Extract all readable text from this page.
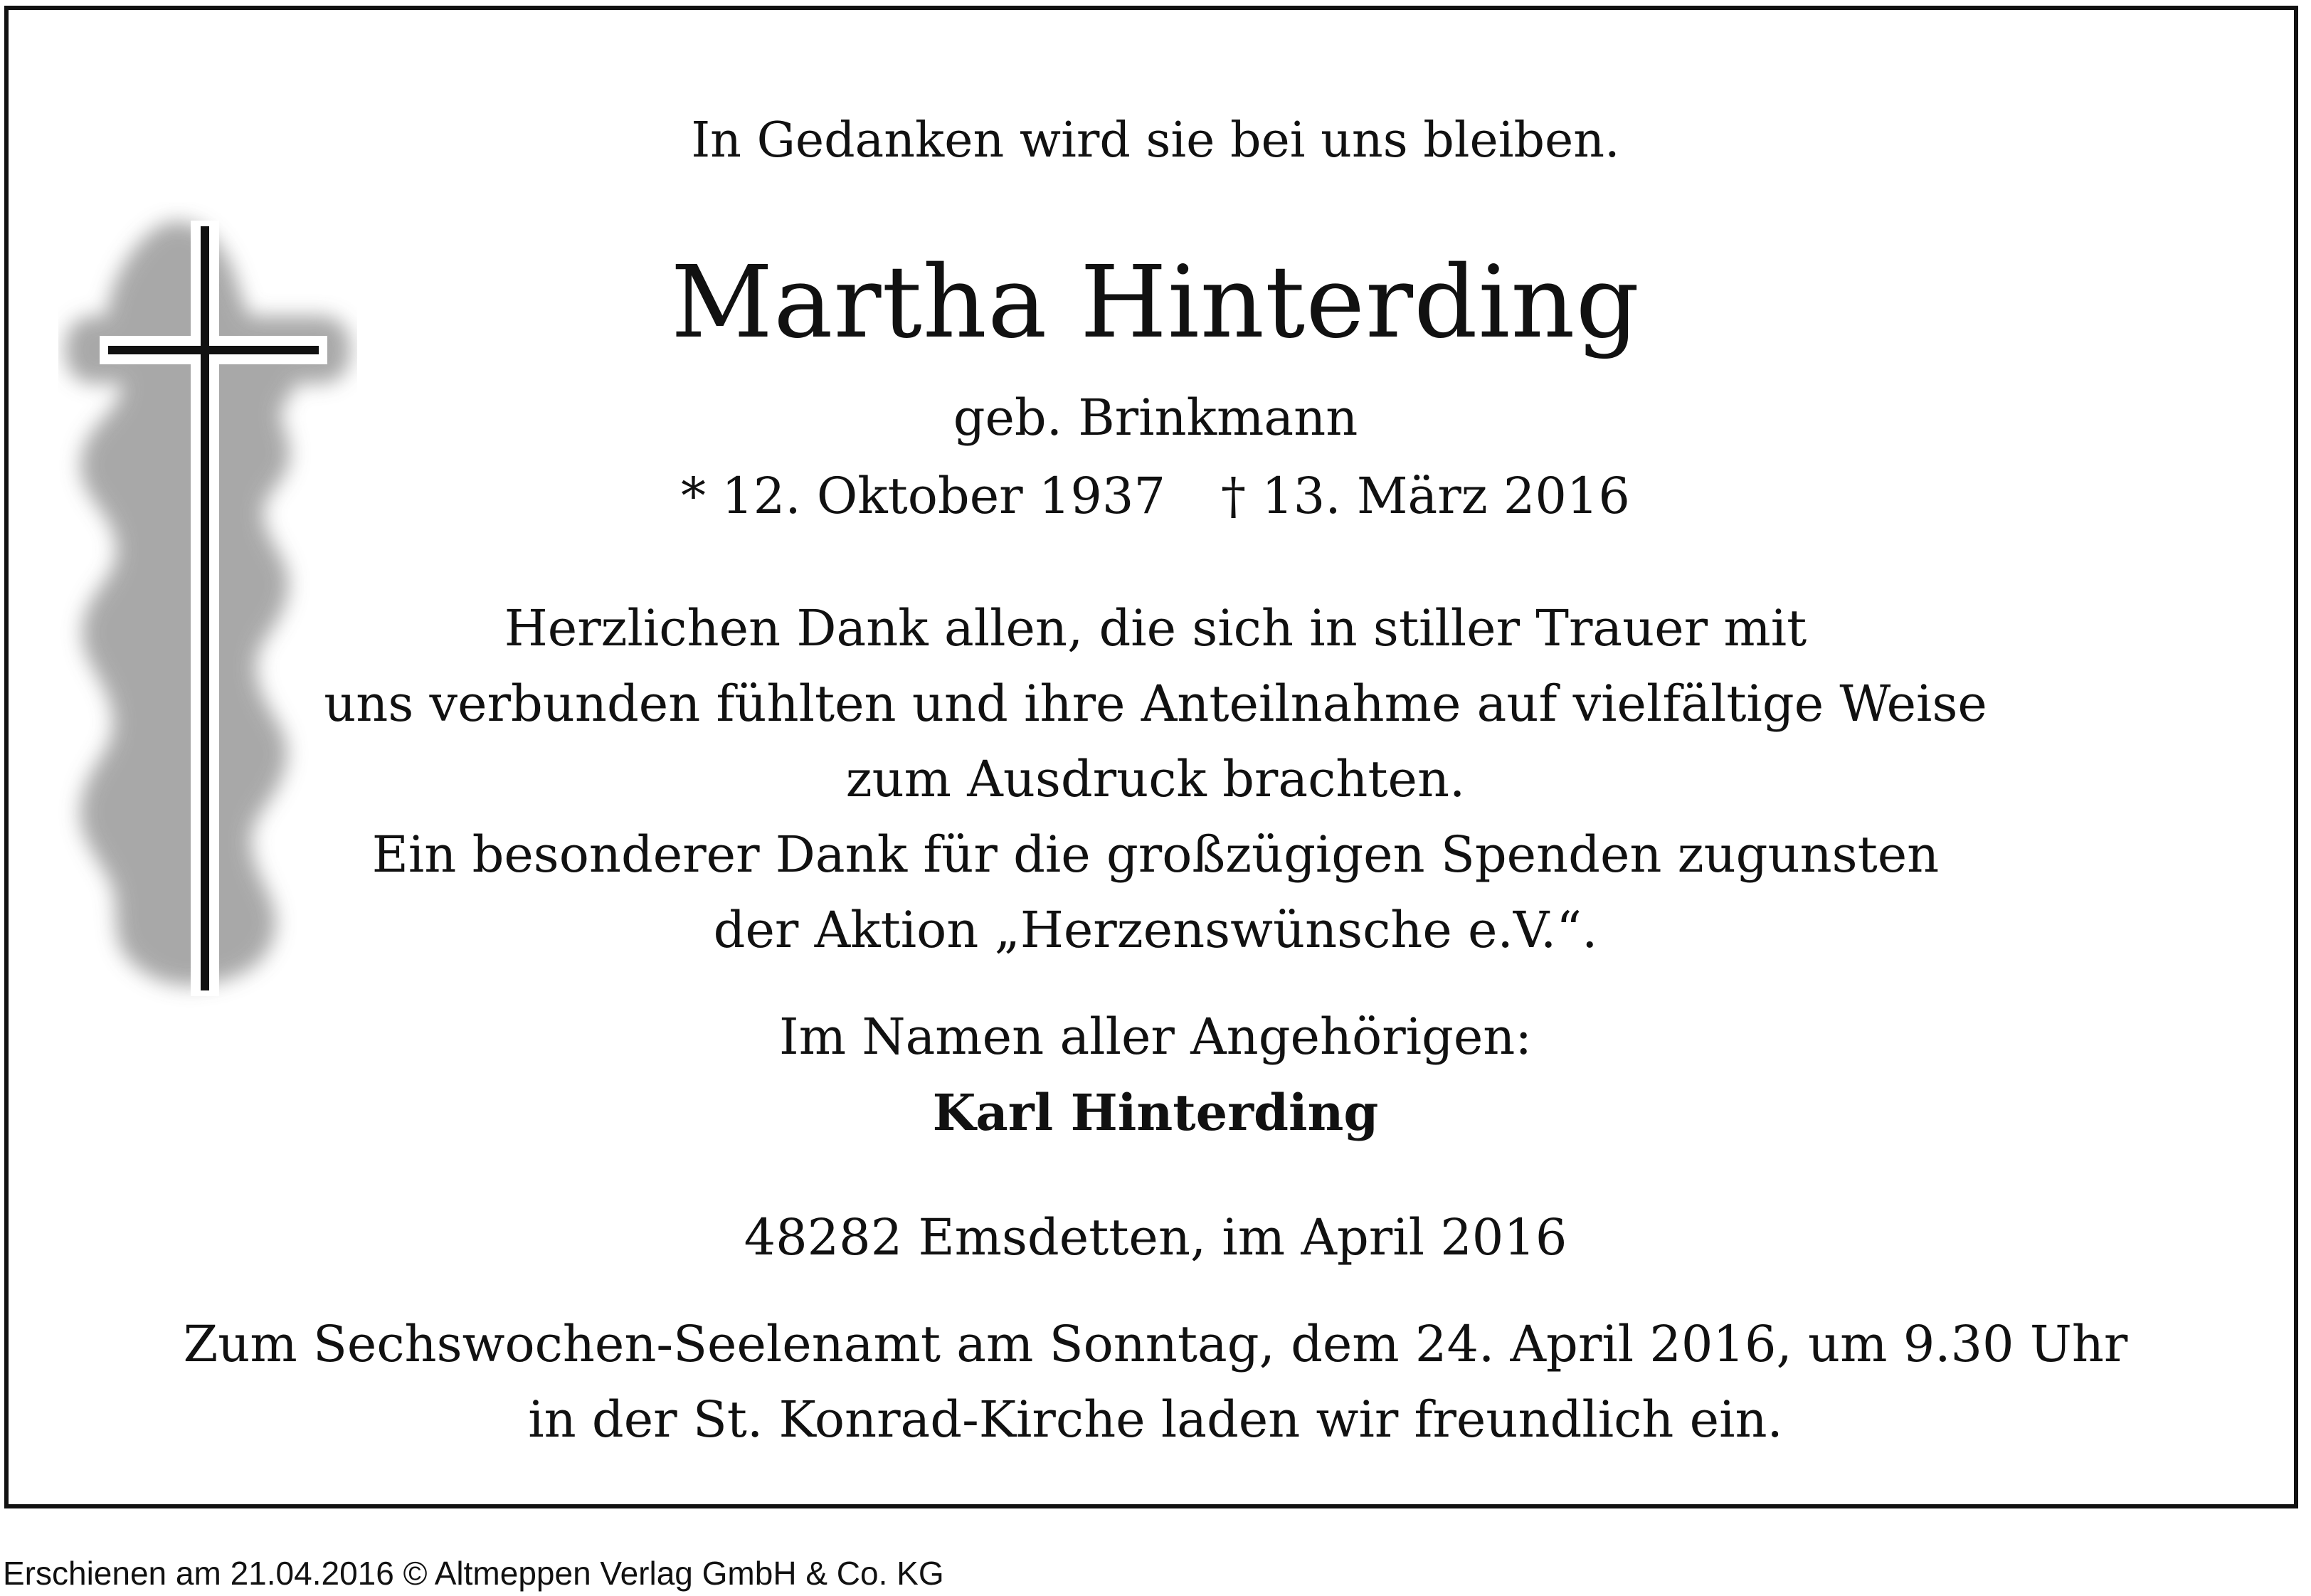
In Gedanken wird sie bei uns bleiben.
Martha Hinterding

geb. Brinkmann

* 12. Oktober 1937 † 13. März 2016

Herzlichen Dank allen, die sich in stiller Trauer mit
uns verbunden fühlten und ihre Anteilnahme auf vielfältige Weise
zum Ausdruck brachten.
Ein besonderer Dank für die großzügigen Spenden zugunsten
der Aktion „Herzenswünsche e.V.“.

Im Namen aller Angehörigen:

Karl Hinterding

48282 Emsdetten, im April 2016

Zum Sechswochen-Seelenamt am Sonntag, dem 24. April 2016, um 9.30 Uhr
in der St. Konrad-Kirche laden wir freundlich ein.
Erschienen am 21.04.2016 © Altmeppen Verlag GmbH & Co. KG
